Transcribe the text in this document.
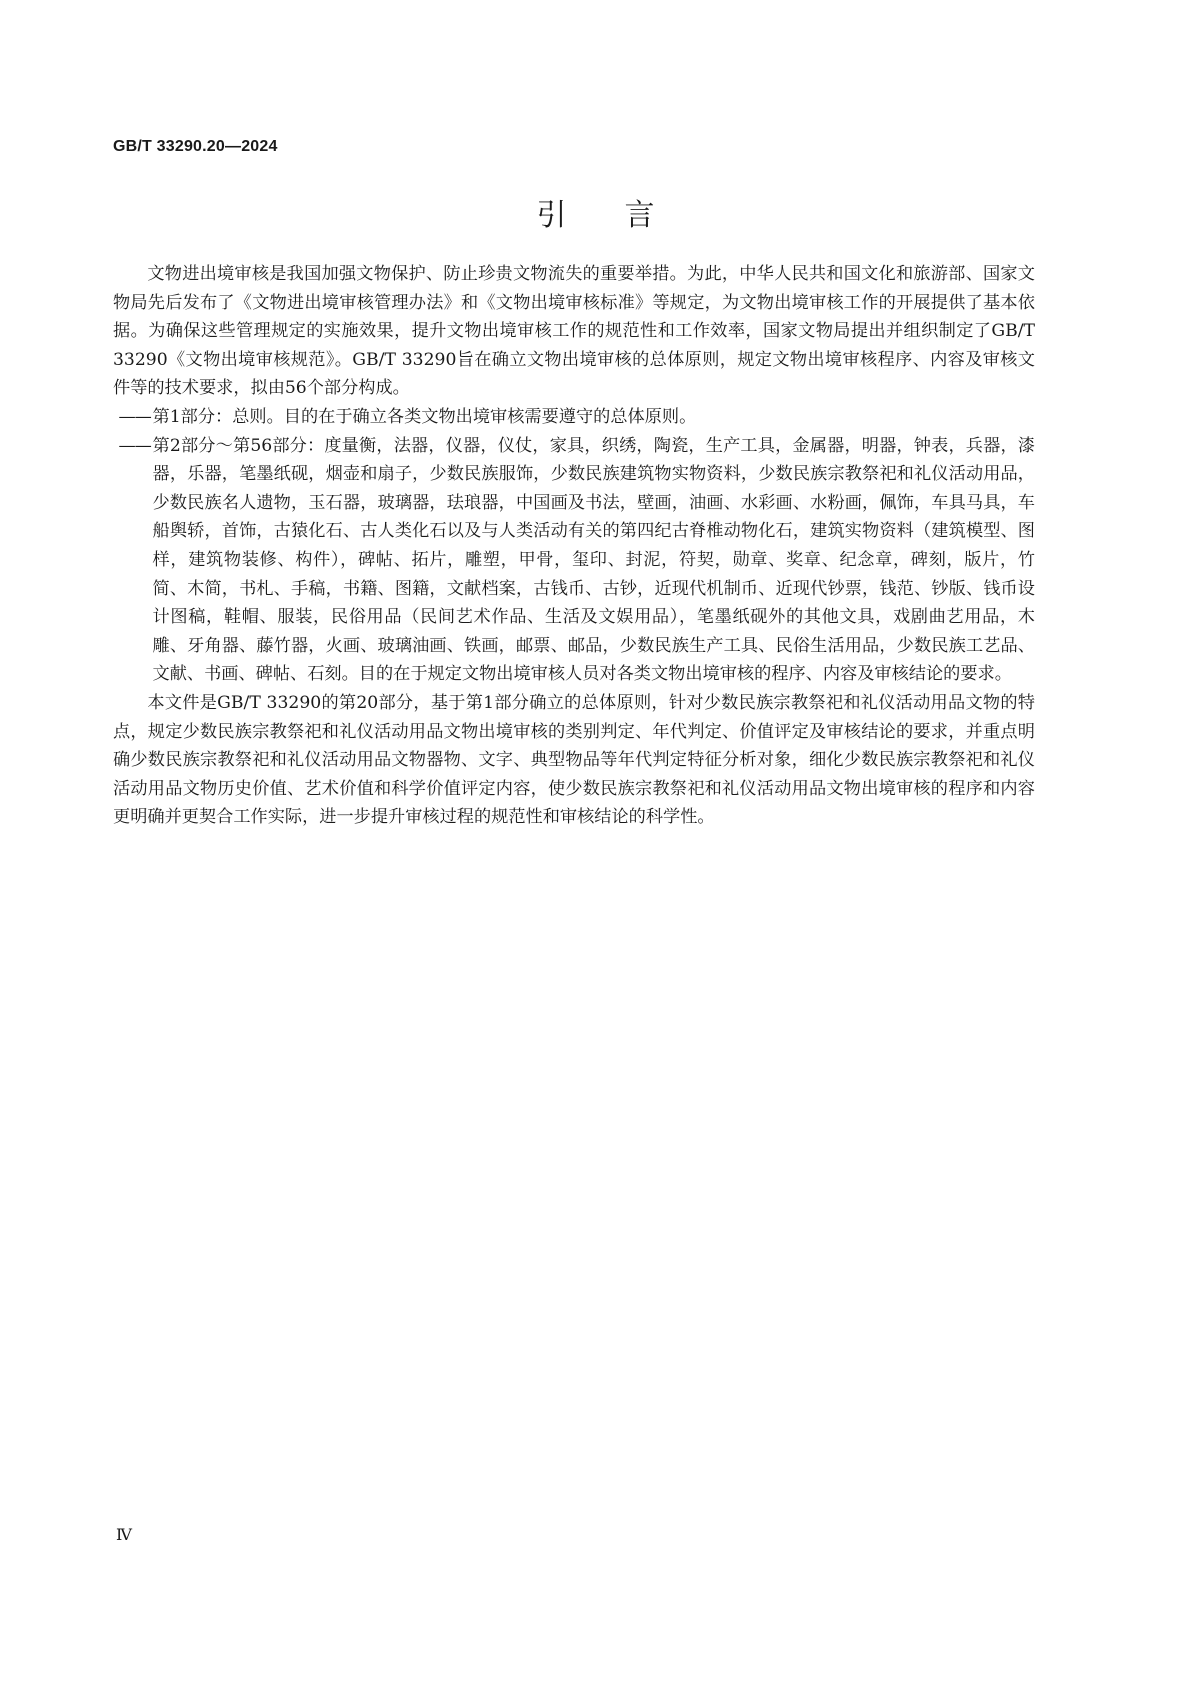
GB/T 33290.20—2024
引言

文物进出境审核是我国加强文物保护、防止珍贵文物流失的重要举措。为此，中华人民共和国文化和旅游部、国家文物局先后发布了《文物进出境审核管理办法》和《文物出境审核标准》等规定，为文物出境审核工作的开展提供了基本依据。为确保这些管理规定的实施效果，提升文物出境审核工作的规范性和工作效率，国家文物局提出并组织制定了GB/T 33290《文物出境审核规范》。GB/T 33290旨在确立文物出境审核的总体原则，规定文物出境审核程序、内容及审核文件等的技术要求，拟由56个部分构成。

—— 第1部分：总则。目的在于确立各类文物出境审核需要遵守的总体原则。
—— 第2部分～第56部分：度量衡，法器，仪器，仪仗，家具，织绣，陶瓷，生产工具，金属器，明器，钟表，兵器，漆器，乐器，笔墨纸砚，烟壶和扇子，少数民族服饰，少数民族建筑物实物资料，少数民族宗教祭祀和礼仪活动用品，少数民族名人遗物，玉石器，玻璃器，珐琅器，中国画及书法，壁画，油画、水彩画、水粉画，佩饰，车具马具，车船舆轿，首饰，古猿化石、古人类化石以及与人类活动有关的第四纪古脊椎动物化石，建筑实物资料（建筑模型、图样，建筑物装修、构件），碑帖、拓片，雕塑，甲骨，玺印、封泥，符契，勋章、奖章、纪念章，碑刻，版片，竹简、木简，书札、手稿，书籍、图籍，文献档案，古钱币、古钞，近现代机制币、近现代钞票，钱范、钞版、钱币设计图稿，鞋帽、服装，民俗用品（民间艺术作品、生活及文娱用品），笔墨纸砚外的其他文具，戏剧曲艺用品，木雕、牙角器、藤竹器，火画、玻璃油画、铁画，邮票、邮品，少数民族生产工具、民俗生活用品，少数民族工艺品、文献、书画、碑帖、石刻。目的在于规定文物出境审核人员对各类文物出境审核的程序、内容及审核结论的要求。

本文件是GB/T 33290的第20部分，基于第1部分确立的总体原则，针对少数民族宗教祭祀和礼仪活动用品文物的特点，规定少数民族宗教祭祀和礼仪活动用品文物出境审核的类别判定、年代判定、价值评定及审核结论的要求，并重点明确少数民族宗教祭祀和礼仪活动用品文物器物、文字、典型物品等年代判定特征分析对象，细化少数民族宗教祭祀和礼仪活动用品文物历史价值、艺术价值和科学价值评定内容，使少数民族宗教祭祀和礼仪活动用品文物出境审核的程序和内容更明确并更契合工作实际，进一步提升审核过程的规范性和审核结论的科学性。

Ⅳ
